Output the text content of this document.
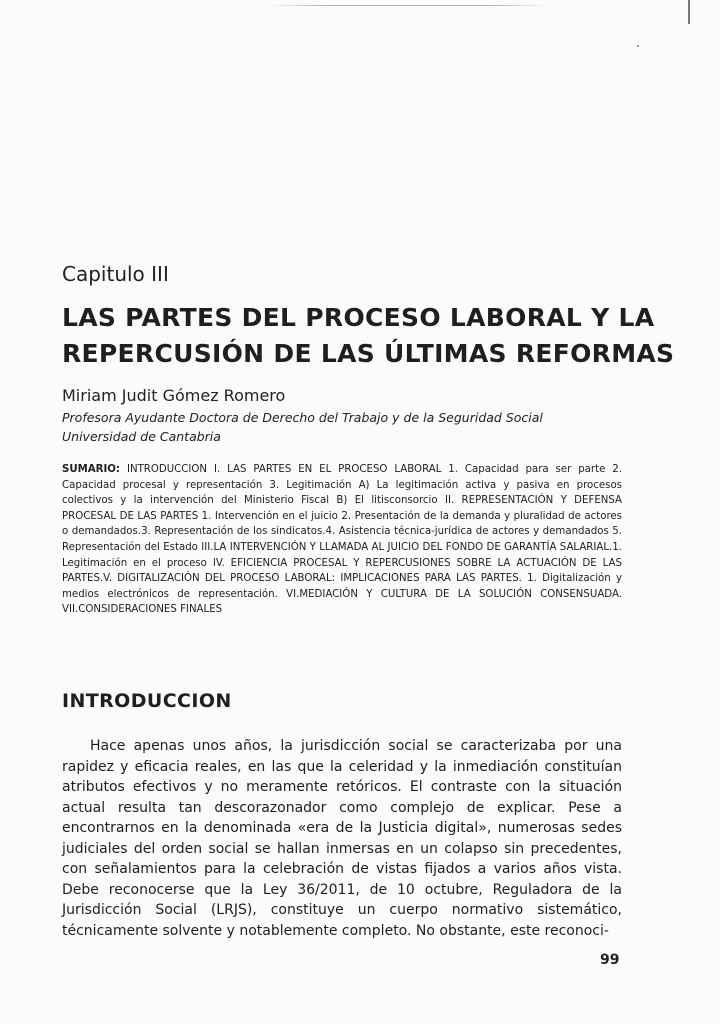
Capitulo III
LAS PARTES DEL PROCESO LABORAL Y LA
REPERCUSIÓN DE LAS ÚLTIMAS REFORMAS
Miriam Judit Gómez Romero
Profesora Ayudante Doctora de Derecho del Trabajo y de la Seguridad Social
Universidad de Cantabria
SUMARIO: INTRODUCCION I. LAS PARTES EN EL PROCESO LABORAL 1. Capacidad para ser parte 2. Capacidad procesal y representación 3. Legitimación A) La legitimación activa y pasiva en procesos colectivos y la intervención del Ministerio Fiscal B) El litisconsorcio II. REPRESENTACIÓN Y DEFENSA PROCESAL DE LAS PARTES 1. Intervención en el juicio 2. Presentación de la demanda y pluralidad de actores o demandados.3. Representación de los sindicatos.4. Asistencia técnica-jurídica de actores y demandados 5. Representación del Estado III.LA INTERVENCIÓN Y LLAMADA AL JUICIO DEL FONDO DE GARANTÍA SALARIAL.1. Legitimación en el proceso IV. EFICIENCIA PROCESAL Y REPERCUSIONES SOBRE LA ACTUACIÓN DE LAS PARTES.V. DIGITALIZACIÓN DEL PROCESO LABORAL: IMPLICACIONES PARA LAS PARTES. 1. Digitalización y medios electrónicos de representación. VI.MEDIACIÓN Y CULTURA DE LA SOLUCIÓN CONSENSUADA. VII.CONSIDERACIONES FINALES
INTRODUCCION

Hace apenas unos años, la jurisdicción social se caracterizaba por una rapidez y eficacia reales, en las que la celeridad y la inmediación constituían atributos efectivos y no meramente retóricos. El contraste con la situación actual resulta tan descorazonador como complejo de explicar. Pese a encontrarnos en la denominada «era de la Justicia digital», numerosas sedes judiciales del orden social se hallan inmersas en un colapso sin precedentes, con señalamientos para la celebración de vistas fijados a varios años vista. Debe reconocerse que la Ley 36/2011, de 10 octubre, Reguladora de la Jurisdicción Social (LRJS), constituye un cuerpo normativo sistemático, técnicamente solvente y notablemente completo. No obstante, este reconoci-

99
